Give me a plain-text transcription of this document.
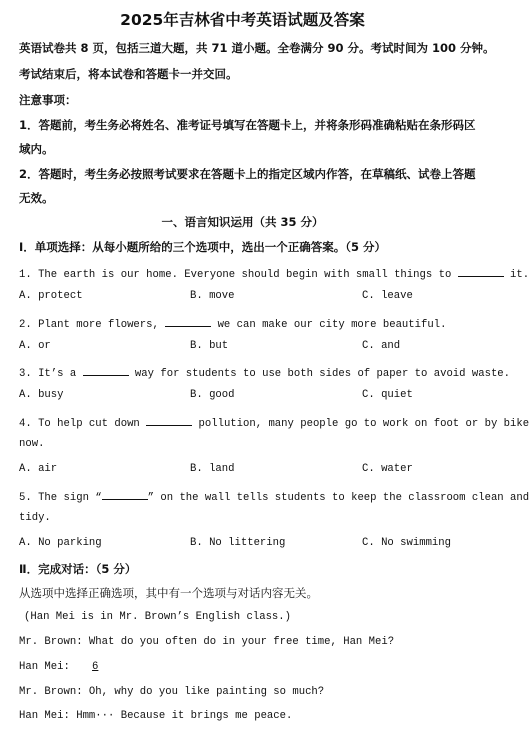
2025年吉林省中考英语试题及答案
英语试卷共 8 页，包括三道大题，共 71 道小题。全卷满分 90 分。考试时间为 100 分钟。
考试结束后，将本试卷和答题卡一并交回。
注意事项：
1．答题前，考生务必将姓名、准考证号填写在答题卡上，并将条形码准确粘贴在条形码区
域内。
2．答题时，考生务必按照考试要求在答题卡上的指定区域内作答，在草稿纸、试卷上答题
无效。
一、语言知识运用（共 35 分）
Ⅰ．单项选择：从每小题所给的三个选项中，选出一个正确答案。（5 分）
1. The earth is our home. Everyone should begin with small things to	it.
A. protect	B. move	C. leave
2. Plant more flowers,	we can make our city more beautiful.
A. or	B. but	C. and
3. It’s a	way for students to use both sides of paper to avoid waste.
A. busy	B. good	C. quiet
4. To help cut down	pollution, many people go to work on foot or by bike
now.
A. air	B. land	C. water
5. The sign “	” on the wall tells students to keep the classroom clean and
tidy.
A. No parking	B. No littering	C. No swimming
Ⅱ．完成对话：（5 分）
从选项中选择正确选项，其中有一个选项与对话内容无关。
(Han Mei is in Mr. Brown’s English class.)
Mr. Brown: What do you often do in your free time, Han Mei?
Han Mei: 6
Mr. Brown: Oh, why do you like painting so much?
Han Mei: Hmm··· Because it brings me peace.
